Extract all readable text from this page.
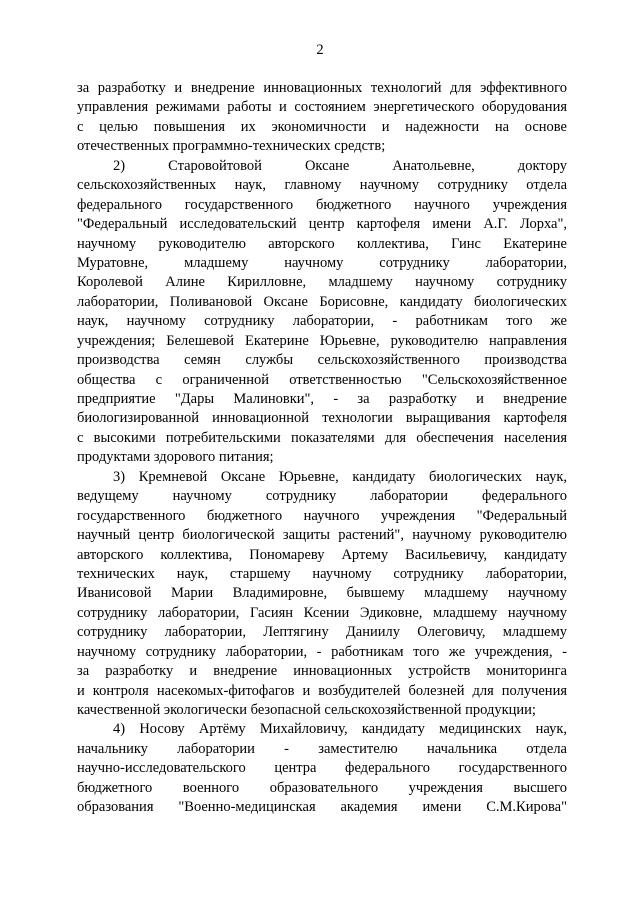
2
за разработку и внедрение инновационных технологий для эффективного
управления режимами работы и состоянием энергетического оборудования
с целью повышения их экономичности и надежности на основе
отечественных программно-технических средств;
2) Старовойтовой Оксане Анатольевне, доктору
сельскохозяйственных наук, главному научному сотруднику отдела
федерального государственного бюджетного научного учреждения
"Федеральный исследовательский центр картофеля имени А.Г. Лорха",
научному руководителю авторского коллектива, Гинс Екатерине
Муратовне, младшему научному сотруднику лаборатории,
Королевой Алине Кирилловне, младшему научному сотруднику
лаборатории, Поливановой Оксане Борисовне, кандидату биологических
наук, научному сотруднику лаборатории, - работникам того же
учреждения; Белешевой Екатерине Юрьевне, руководителю направления
производства семян службы сельскохозяйственного производства
общества с ограниченной ответственностью "Сельскохозяйственное
предприятие "Дары Малиновки", - за разработку и внедрение
биологизированной инновационной технологии выращивания картофеля
с высокими потребительскими показателями для обеспечения населения
продуктами здорового питания;
3) Кремневой Оксане Юрьевне, кандидату биологических наук,
ведущему научному сотруднику лаборатории федерального
государственного бюджетного научного учреждения "Федеральный
научный центр биологической защиты растений", научному руководителю
авторского коллектива, Пономареву Артему Васильевичу, кандидату
технических наук, старшему научному сотруднику лаборатории,
Иванисовой Марии Владимировне, бывшему младшему научному
сотруднику лаборатории, Гасиян Ксении Эдиковне, младшему научному
сотруднику лаборатории, Лептягину Даниилу Олеговичу, младшему
научному сотруднику лаборатории, - работникам того же учреждения, -
за разработку и внедрение инновационных устройств мониторинга
и контроля насекомых-фитофагов и возбудителей болезней для получения
качественной экологически безопасной сельскохозяйственной продукции;
4) Носову Артёму Михайловичу, кандидату медицинских наук,
начальнику лаборатории - заместителю начальника отдела
научно-исследовательского центра федерального государственного
бюджетного военного образовательного учреждения высшего
образования "Военно-медицинская академия имени С.М.Кирова"
